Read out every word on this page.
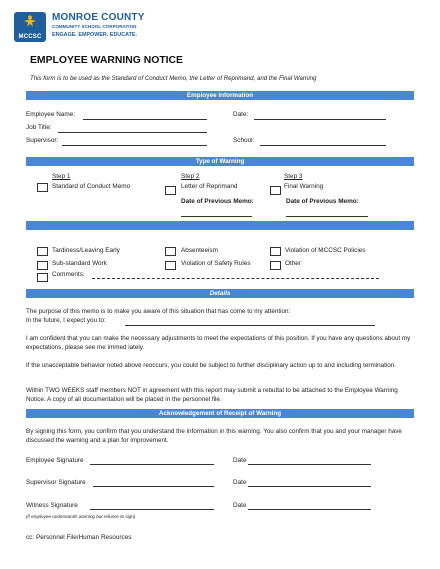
MCCSC
MONROE COUNTY
COMMUNITY SCHOOL CORPORATION
ENGAGE. EMPOWER. EDUCATE.
EMPLOYEE WARNING NOTICE
This form is to be used as the Standard of Conduct Memo, the Letter of Reprimand, and the Final Warning
Employee Information
Employee Name:	Date:
Job Title:
Supervisor:	School:
Type of Warning
Step 1
Standard of Conduct Memo
Step 2
Letter of Reprimand
Date of Previous Memo:
Step 3
Final Warning
Date of Previous Memo:
Tardiness/Leaving Early	Absenteeism	Violation of MCCSC Policies
Sub-standard Work	Violation of Safety Rules	Other
Comments:
Details
The purpose of this memo is to make you aware of this situation that has come to my attention:
In the future, I expect you to:
I am confident that you can make the necessary adjustments to meet the expectations of this position. If you have any questions about my expectations, please see me immed iately.
If the unacceptable behavior noted above reoccurs, you could be subject to further disciplinary action up to and including termination.
Within TWO WEEKS staff members NOT in agreement with this report may submit a rebuttal to be attached to the Employee Warning Notice. A copy of all documentation will be placed in the personnel file.
Acknowledgement of Receipt of Warning
By signing this form, you confirm that you understand the information in this warning. You also confirm that you and your manager have discussed the warning and a plan for improvement.
Employee Signature	Date
Supervisor Signature	Date
Witness Signature	Date
(if employee understands warning but refuses to sign)
cc: Personnel File/Human Resources
